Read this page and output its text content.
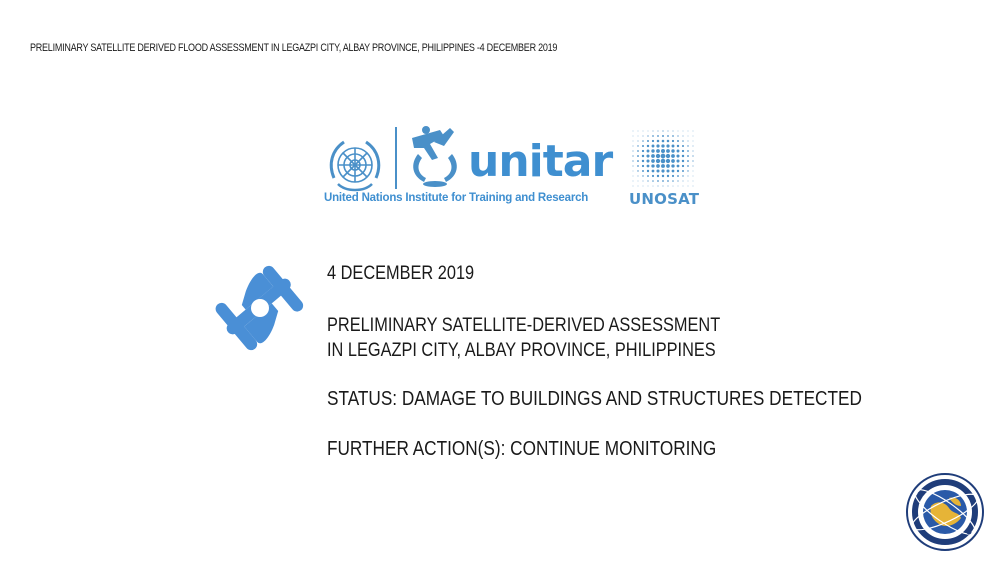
PRELIMINARY SATELLITE DERIVED FLOOD ASSESSMENT IN LEGAZPI CITY, ALBAY PROVINCE, PHILIPPINES -4 DECEMBER 2019
unitar
United Nations Institute for Training and Research	UNOSAT
4 DECEMBER 2019
PRELIMINARY SATELLITE-DERIVED ASSESSMENT
IN LEGAZPI CITY, ALBAY PROVINCE, PHILIPPINES
STATUS: DAMAGE TO BUILDINGS AND STRUCTURES DETECTED
FURTHER ACTION(S): CONTINUE MONITORING
